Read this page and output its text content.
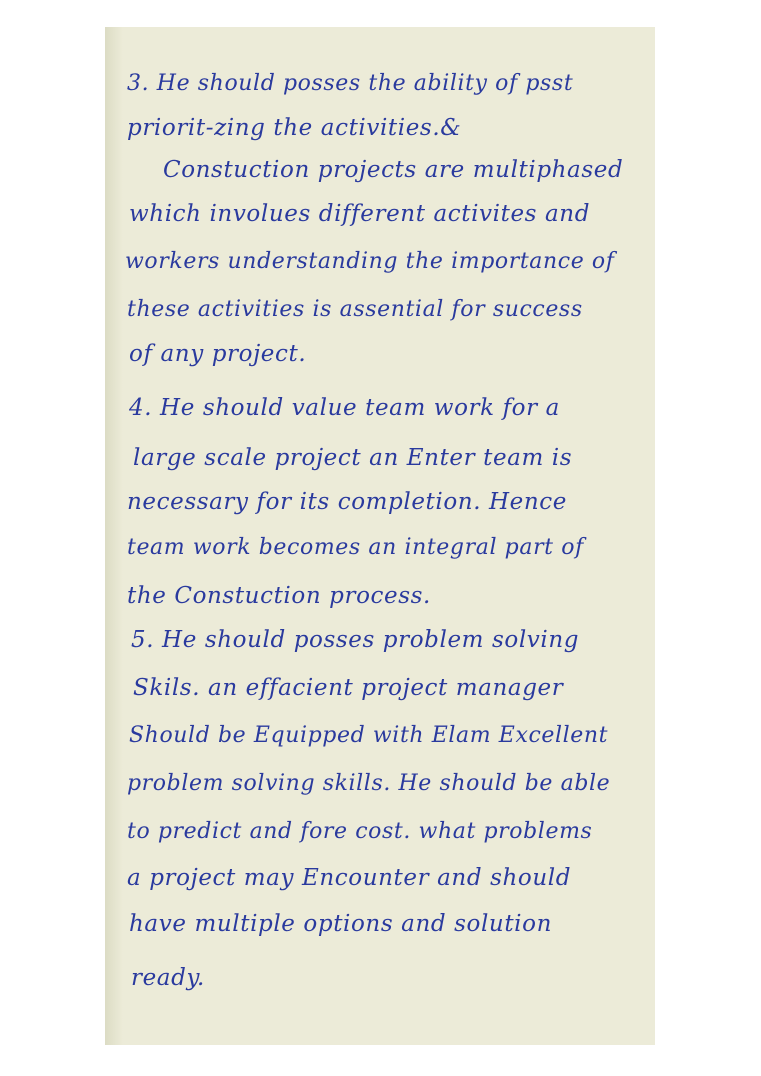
3. He should posses the ability of psst

priorit-zing the activities.&

Constuction projects are multiphased

which involues different activites and

workers understanding the importance of

these activities is assential for success

of any project.

4. He should value team work for a

large scale project an Enter team is

necessary for its completion. Hence

team work becomes an integral part of

the Constuction process.

5. He should posses problem solving

Skils. an effacient project manager

Should be Equipped with Elam Excellent

problem solving skills. He should be able

to predict and fore cost. what problems

a project may Encounter and should

have multiple options and solution

ready.
